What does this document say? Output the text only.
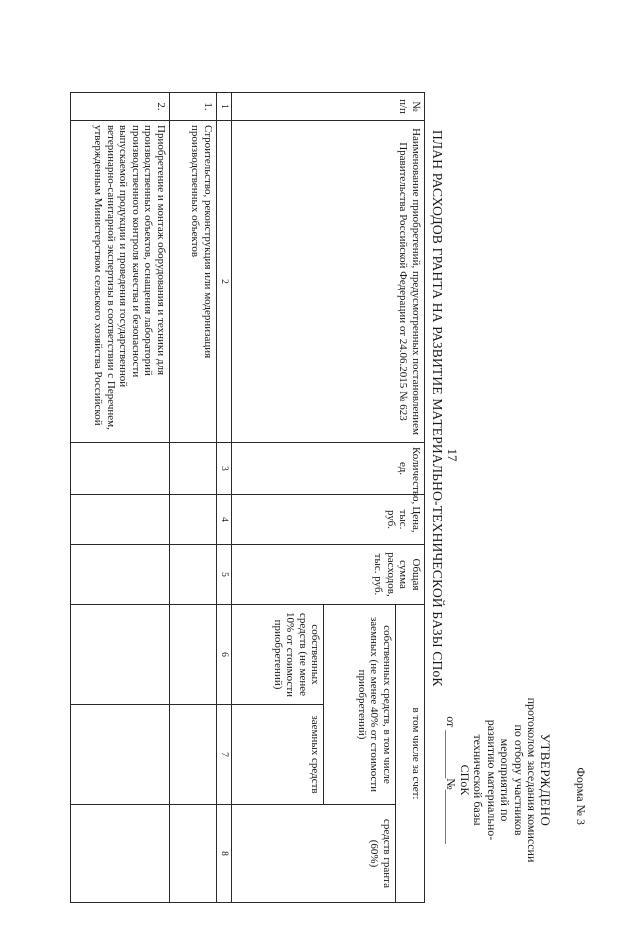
17
Форма № 3
УТВЕРЖДЕНО
протоколом заседания комиссии
по отбору участников мероприятий по
развитию материально-технической базы
СПоК
от ________№_________
ПЛАН РАСХОДОВ ГРАНТА НА РАЗВИТИЕ МАТЕРИАЛЬНО-ТЕХНИЧЕСКОЙ БАЗЫ СПоК
№ п/п	Наименование приобретений, предусмотренных постановлением Правительства Российской Федерации от 24.06.2015 № 623	Количество, ед.	Цена, тыс. руб.	Общая сумма расходов, тыс. руб.	в том числе за счет:		
					собственных средств, в том числе заемных (не менее 40% от стоимости приобретений)		средств гранта (60%)
					собственных средств (не менее 10% от стоимости приобретений)	заемных средств	
1	2	3	4	5	6	7	8
1.	Строительство, реконструкция или модернизация производственных объектов						
2.	Приобретение и монтаж оборудования и техники для производственных объектов, оснащения лабораторий производственного контроля качества и безопасности выпускаемой продукции и проведения государственной ветеринарно-санитарной экспертизы в соответствии с Перечнем, утвержденным Министерством сельского хозяйства Российской						
